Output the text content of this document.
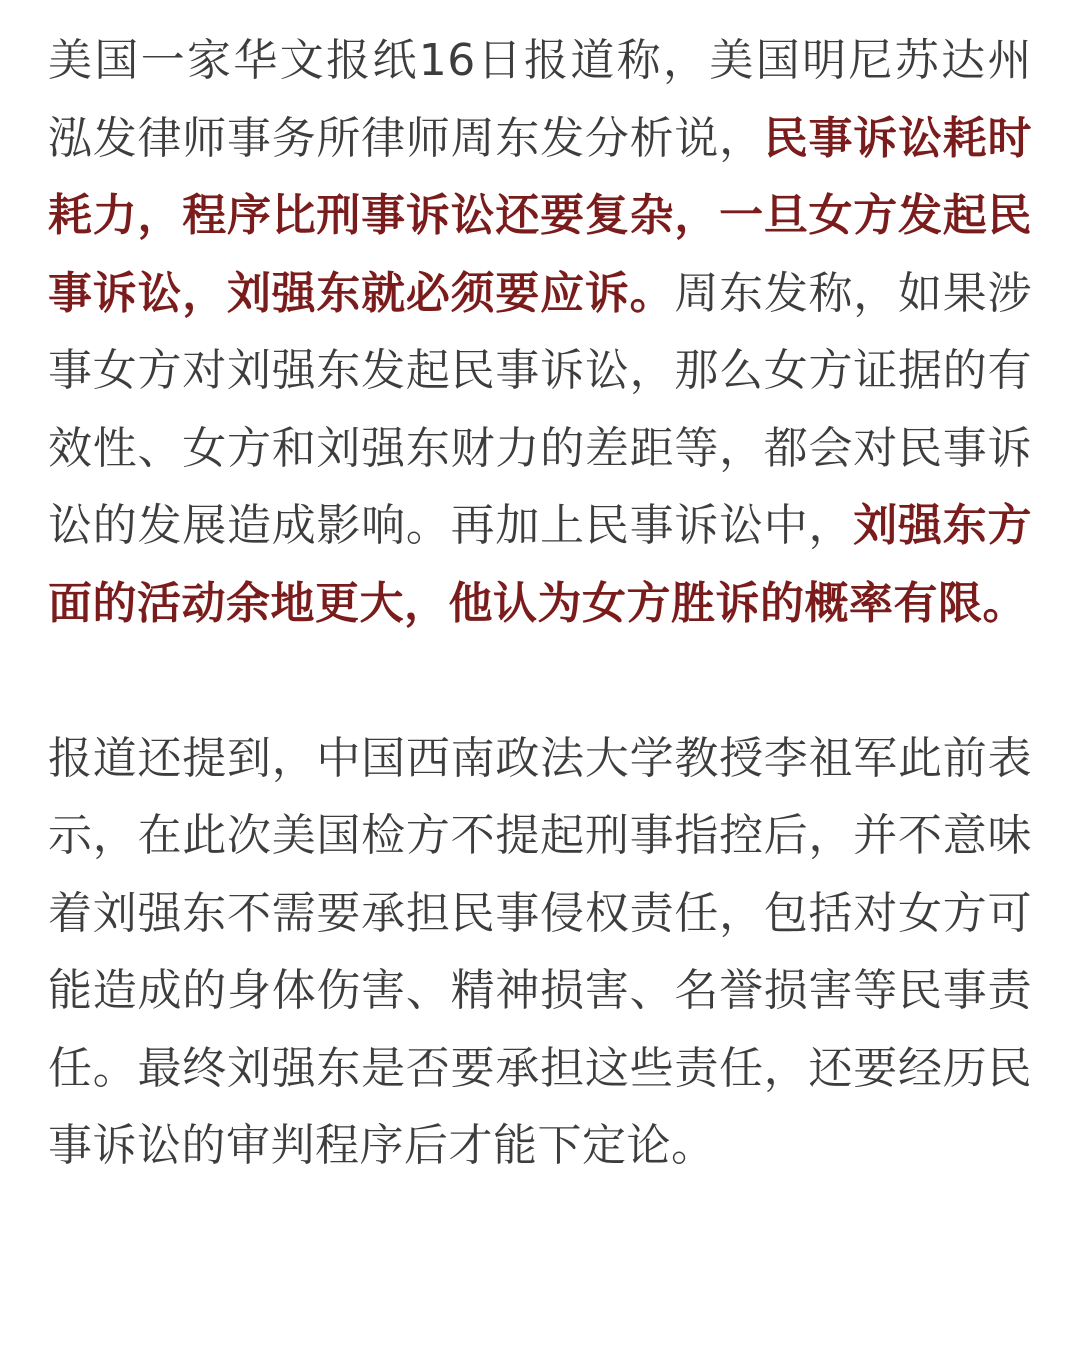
美国一家华文报纸16日报道称，美国明尼苏达州泓发律师事务所律师周东发分析说，民事诉讼耗时耗力，程序比刑事诉讼还要复杂，一旦女方发起民事诉讼，刘强东就必须要应诉。周东发称，如果涉事女方对刘强东发起民事诉讼，那么女方证据的有效性、女方和刘强东财力的差距等，都会对民事诉讼的发展造成影响。再加上民事诉讼中，刘强东方面的活动余地更大，他认为女方胜诉的概率有限。

报道还提到，中国西南政法大学教授李祖军此前表示，在此次美国检方不提起刑事指控后，并不意味着刘强东不需要承担民事侵权责任，包括对女方可能造成的身体伤害、精神损害、名誉损害等民事责任。最终刘强东是否要承担这些责任，还要经历民事诉讼的审判程序后才能下定论。
